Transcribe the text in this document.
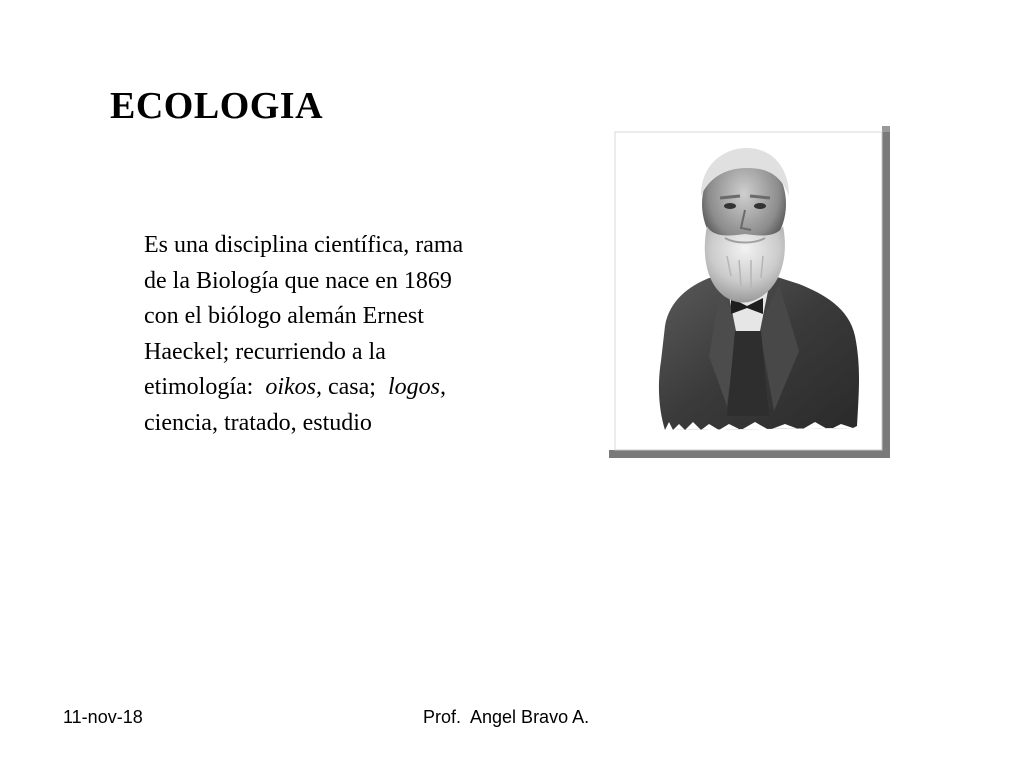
ECOLOGIA

Es una disciplina científica, rama
de la Biología que nace en 1869
con el biólogo alemán Ernest
Haeckel; recurriendo a la
etimología:  oikos, casa;  logos,
ciencia, tratado, estudio

11-nov-18	Prof.  Angel Bravo A.
